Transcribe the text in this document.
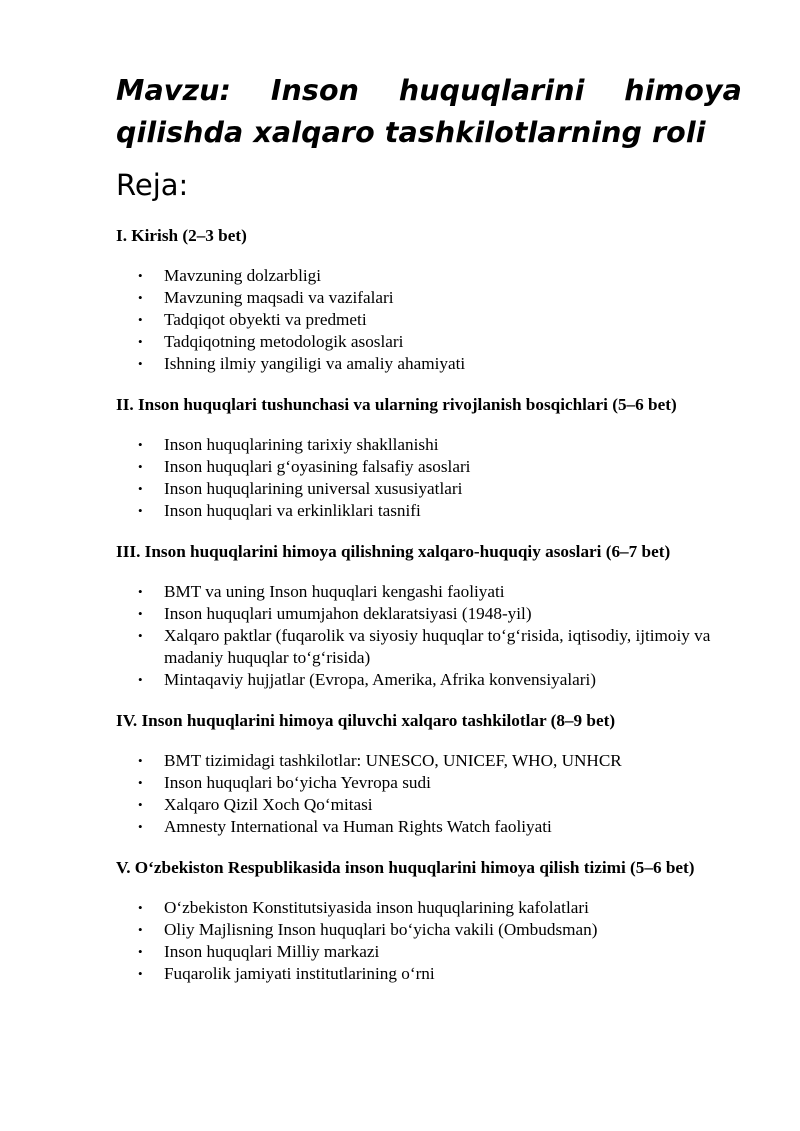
Mavzu: Inson huquqlarini himoya qilishda xalqaro tashkilotlarning roli
Reja:
I. Kirish (2–3 bet)
• Mavzuning dolzarbligi
• Mavzuning maqsadi va vazifalari
• Tadqiqot obyekti va predmeti
• Tadqiqotning metodologik asoslari
• Ishning ilmiy yangiligi va amaliy ahamiyati
II. Inson huquqlari tushunchasi va ularning rivojlanish bosqichlari (5–6 bet)
• Inson huquqlarining tarixiy shakllanishi
• Inson huquqlari g‘oyasining falsafiy asoslari
• Inson huquqlarining universal xususiyatlari
• Inson huquqlari va erkinliklari tasnifi
III. Inson huquqlarini himoya qilishning xalqaro-huquqiy asoslari (6–7 bet)
• BMT va uning Inson huquqlari kengashi faoliyati
• Inson huquqlari umumjahon deklaratsiyasi (1948-yil)
• Xalqaro paktlar (fuqarolik va siyosiy huquqlar to‘g‘risida, iqtisodiy, ijtimoiy va madaniy huquqlar to‘g‘risida)
• Mintaqaviy hujjatlar (Evropa, Amerika, Afrika konvensiyalari)
IV. Inson huquqlarini himoya qiluvchi xalqaro tashkilotlar (8–9 bet)
• BMT tizimidagi tashkilotlar: UNESCO, UNICEF, WHO, UNHCR
• Inson huquqlari bo‘yicha Yevropa sudi
• Xalqaro Qizil Xoch Qo‘mitasi
• Amnesty International va Human Rights Watch faoliyati
V. O‘zbekiston Respublikasida inson huquqlarini himoya qilish tizimi (5–6 bet)
• O‘zbekiston Konstitutsiyasida inson huquqlarining kafolatlari
• Oliy Majlisning Inson huquqlari bo‘yicha vakili (Ombudsman)
• Inson huquqlari Milliy markazi
• Fuqarolik jamiyati institutlarining o‘rni
